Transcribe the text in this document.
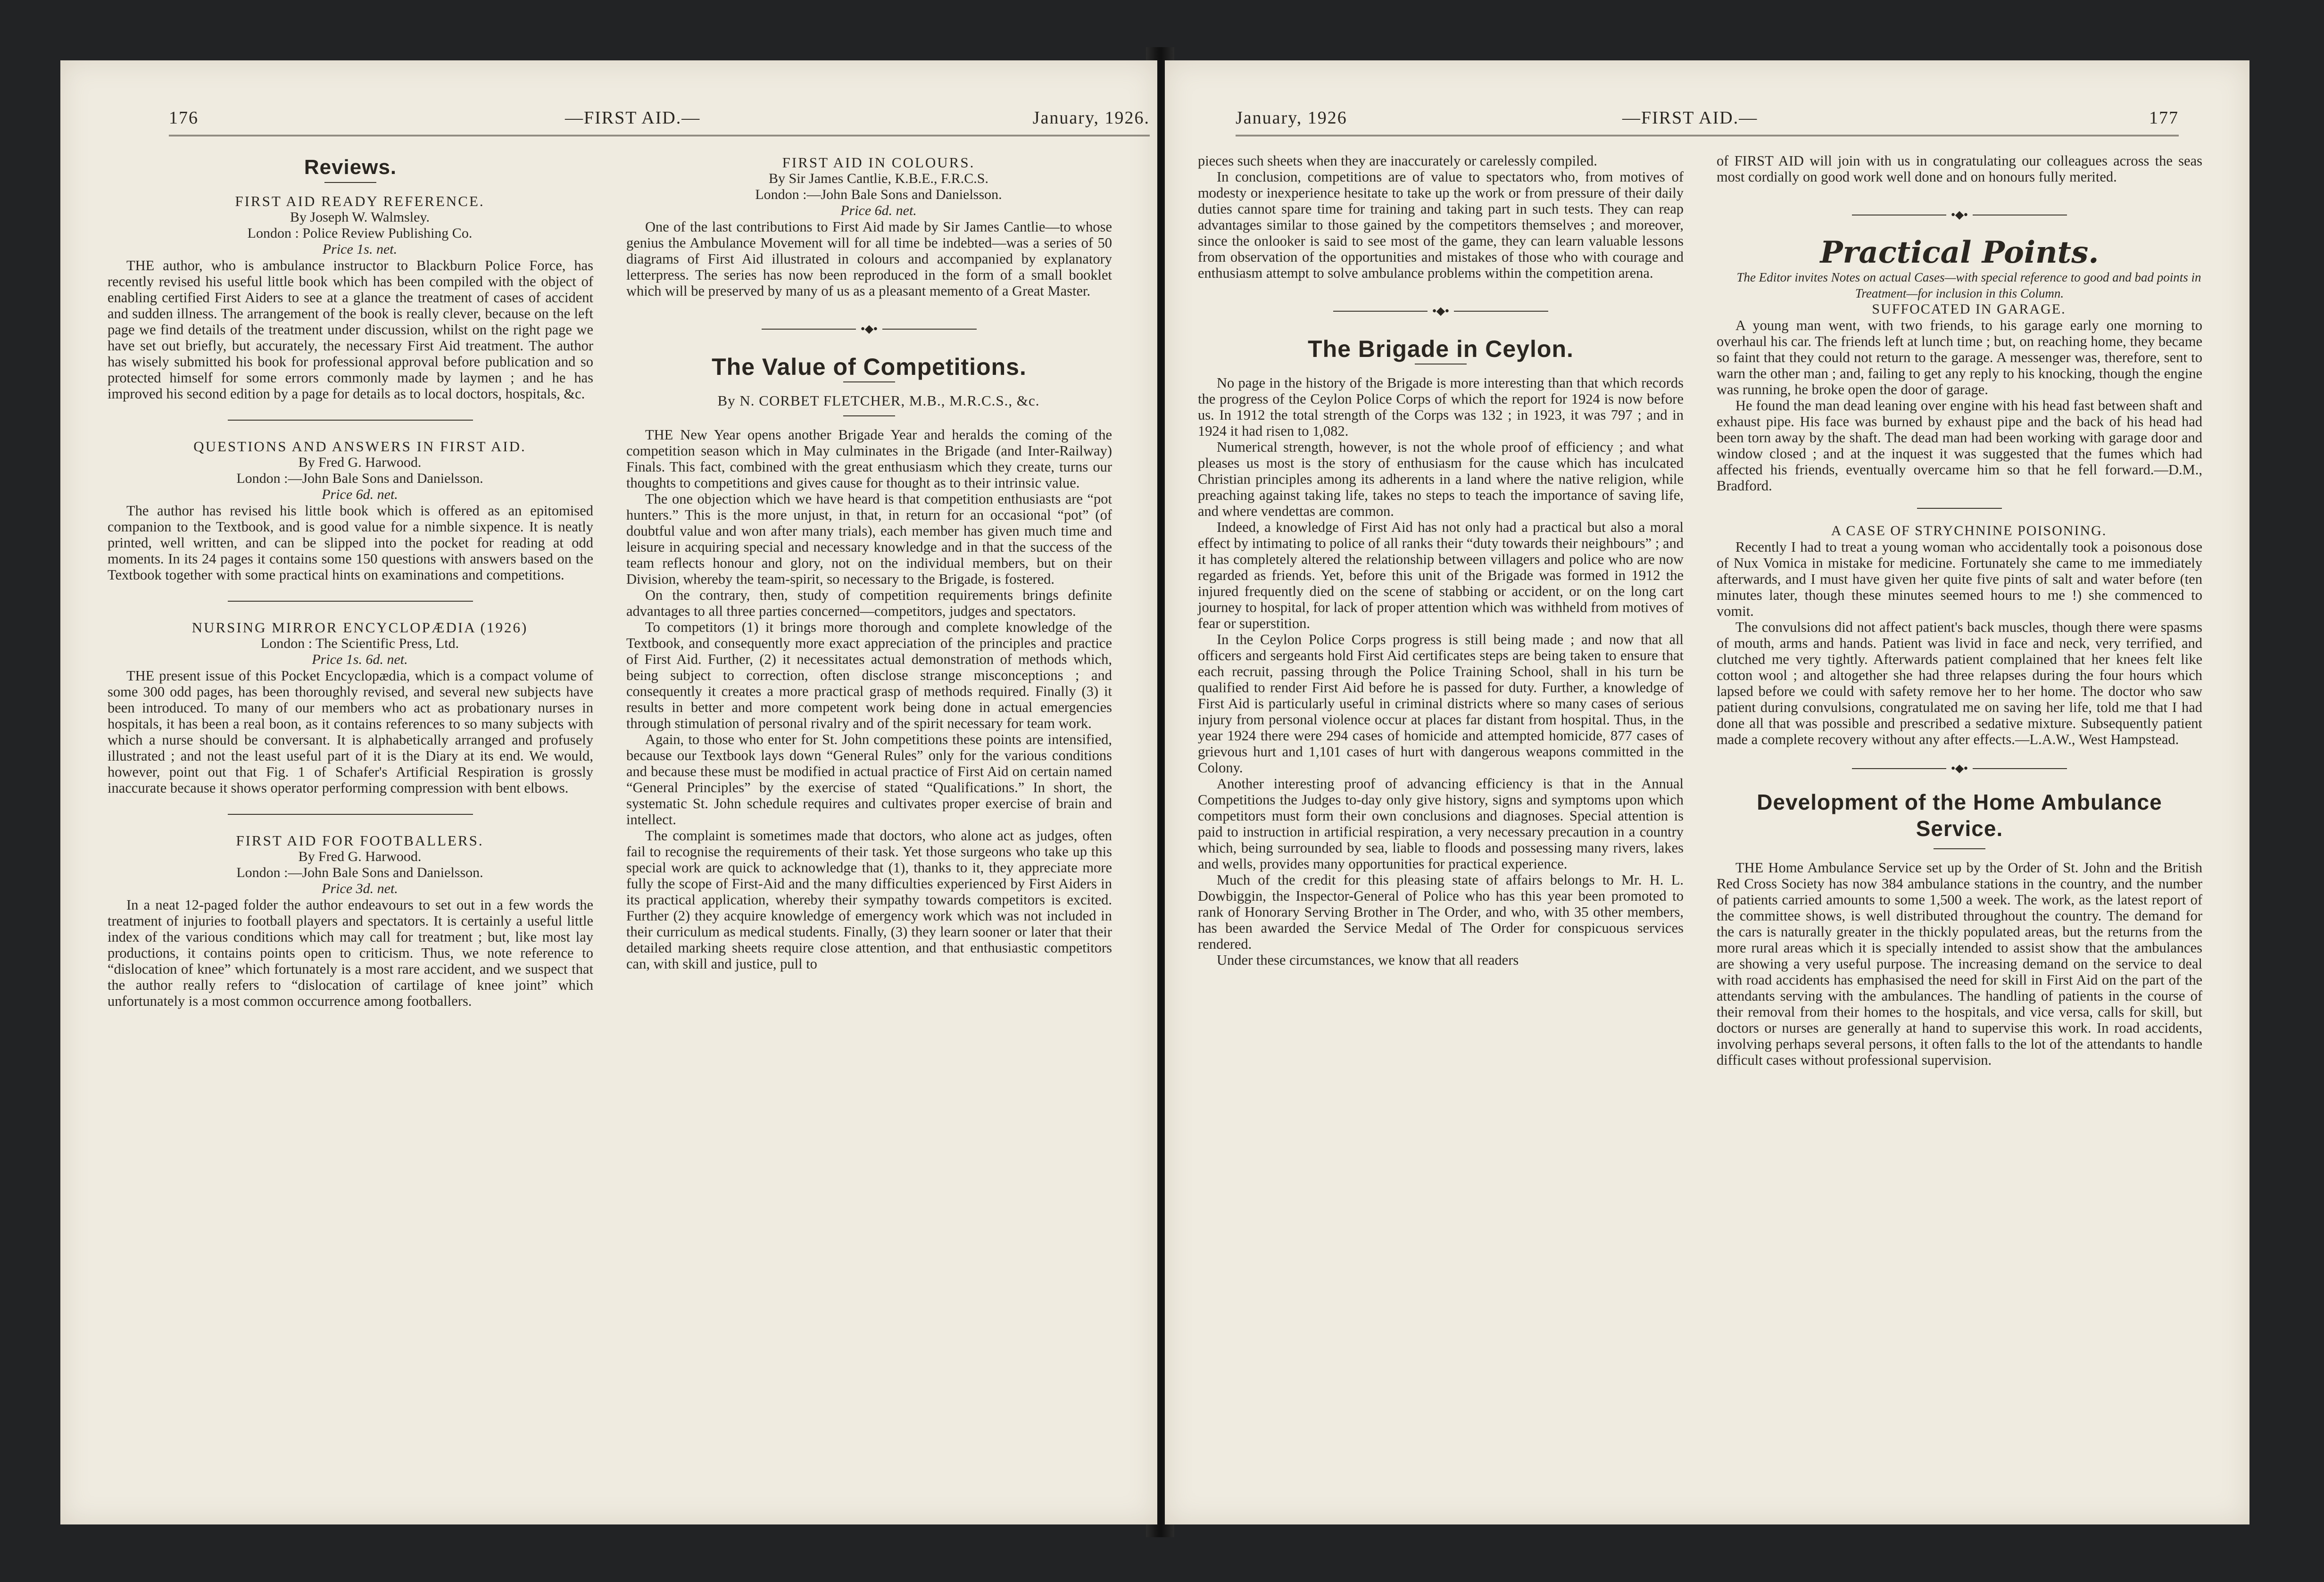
176	—FIRST AID.—	January, 1926.
Reviews.

FIRST AID READY REFERENCE.

By Joseph W. Walmsley.

London : Police Review Publishing Co.

Price 1s. net.

THE author, who is ambulance instructor to Blackburn Police Force, has recently revised his useful little book which has been compiled with the object of enabling certified First Aiders to see at a glance the treatment of cases of accident and sudden illness. The arrangement of the book is really clever, because on the left page we find details of the treatment under discussion, whilst on the right page we have set out briefly, but accurately, the necessary First Aid treatment. The author has wisely submitted his book for professional approval before publication and so protected himself for some errors commonly made by laymen ; and he has improved his second edition by a page for details as to local doctors, hospitals, &c.

QUESTIONS AND ANSWERS IN FIRST AID.

By Fred G. Harwood.

London :—John Bale Sons and Danielsson.

Price 6d. net.

The author has revised his little book which is offered as an epitomised companion to the Textbook, and is good value for a nimble sixpence. It is neatly printed, well written, and can be slipped into the pocket for reading at odd moments. In its 24 pages it contains some 150 questions with answers based on the Textbook together with some practical hints on examinations and competitions.

NURSING MIRROR ENCYCLOPÆDIA (1926)

London : The Scientific Press, Ltd.

Price 1s. 6d. net.

THE present issue of this Pocket Encyclopædia, which is a compact volume of some 300 odd pages, has been thoroughly revised, and several new subjects have been introduced. To many of our members who act as probationary nurses in hospitals, it has been a real boon, as it contains references to so many subjects with which a nurse should be conversant. It is alphabetically arranged and profusely illustrated ; and not the least useful part of it is the Diary at its end. We would, however, point out that Fig. 1 of Schafer's Artificial Respiration is grossly inaccurate because it shows operator performing compression with bent elbows.

FIRST AID FOR FOOTBALLERS.

By Fred G. Harwood.

London :—John Bale Sons and Danielsson.

Price 3d. net.

In a neat 12-paged folder the author endeavours to set out in a few words the treatment of injuries to football players and spectators. It is certainly a useful little index of the various conditions which may call for treatment ; but, like most lay productions, it contains points open to criticism. Thus, we note reference to “dislocation of knee” which fortunately is a most rare accident, and we suspect that the author really refers to “dislocation of cartilage of knee joint” which unfortunately is a most common occurrence among footballers.

FIRST AID IN COLOURS.

By Sir James Cantlie, K.B.E., F.R.C.S.

London :—John Bale Sons and Danielsson.

Price 6d. net.

One of the last contributions to First Aid made by Sir James Cantlie—to whose genius the Ambulance Movement will for all time be indebted—was a series of 50 diagrams of First Aid illustrated in colours and accompanied by explanatory letterpress. The series has now been reproduced in the form of a small booklet which will be preserved by many of us as a pleasant memento of a Great Master.

•◆•
The Value of Competitions.

By N. CORBET FLETCHER, M.B., M.R.C.S., &c.

THE New Year opens another Brigade Year and heralds the coming of the competition season which in May culminates in the Brigade (and Inter-Railway) Finals. This fact, combined with the great enthusiasm which they create, turns our thoughts to competitions and gives cause for thought as to their intrinsic value.

The one objection which we have heard is that competition enthusiasts are “pot hunters.” This is the more unjust, in that, in return for an occasional “pot” (of doubtful value and won after many trials), each member has given much time and leisure in acquiring special and necessary knowledge and in that the success of the team reflects honour and glory, not on the individual members, but on their Division, whereby the team-spirit, so necessary to the Brigade, is fostered.

On the contrary, then, study of competition requirements brings definite advantages to all three parties concerned—competitors, judges and spectators.

To competitors (1) it brings more thorough and complete knowledge of the Textbook, and consequently more exact appreciation of the principles and practice of First Aid. Further, (2) it necessitates actual demonstration of methods which, being subject to correction, often disclose strange misconceptions ; and consequently it creates a more practical grasp of methods required. Finally (3) it results in better and more competent work being done in actual emergencies through stimulation of personal rivalry and of the spirit necessary for team work.

Again, to those who enter for St. John competitions these points are intensified, because our Textbook lays down “General Rules” only for the various conditions and because these must be modified in actual practice of First Aid on certain named “General Principles” by the exercise of stated “Qualifications.” In short, the systematic St. John schedule requires and cultivates proper exercise of brain and intellect.

The complaint is sometimes made that doctors, who alone act as judges, often fail to recognise the requirements of their task. Yet those surgeons who take up this special work are quick to acknowledge that (1), thanks to it, they appreciate more fully the scope of First-Aid and the many difficulties experienced by First Aiders in its practical application, whereby their sympathy towards competitors is excited. Further (2) they acquire knowledge of emergency work which was not included in their curriculum as medical students. Finally, (3) they learn sooner or later that their detailed marking sheets require close attention, and that enthusiastic competitors can, with skill and justice, pull to

January, 1926	—FIRST AID.—	177

pieces such sheets when they are inaccurately or carelessly compiled.

In conclusion, competitions are of value to spectators who, from motives of modesty or inexperience hesitate to take up the work or from pressure of their daily duties cannot spare time for training and taking part in such tests. They can reap advantages similar to those gained by the competitors themselves ; and moreover, since the onlooker is said to see most of the game, they can learn valuable lessons from observation of the opportunities and mistakes of those who with courage and enthusiasm attempt to solve ambulance problems within the competition arena.

•◆•
The Brigade in Ceylon.

No page in the history of the Brigade is more interesting than that which records the progress of the Ceylon Police Corps of which the report for 1924 is now before us. In 1912 the total strength of the Corps was 132 ; in 1923, it was 797 ; and in 1924 it had risen to 1,082.

Numerical strength, however, is not the whole proof of efficiency ; and what pleases us most is the story of enthusiasm for the cause which has inculcated Christian principles among its adherents in a land where the native religion, while preaching against taking life, takes no steps to teach the importance of saving life, and where vendettas are common.

Indeed, a knowledge of First Aid has not only had a practical but also a moral effect by intimating to police of all ranks their “duty towards their neighbours” ; and it has completely altered the relationship between villagers and police who are now regarded as friends. Yet, before this unit of the Brigade was formed in 1912 the injured frequently died on the scene of stabbing or accident, or on the long cart journey to hospital, for lack of proper attention which was withheld from motives of fear or superstition.

In the Ceylon Police Corps progress is still being made ; and now that all officers and sergeants hold First Aid certificates steps are being taken to ensure that each recruit, passing through the Police Training School, shall in his turn be qualified to render First Aid before he is passed for duty. Further, a knowledge of First Aid is particularly useful in criminal districts where so many cases of serious injury from personal violence occur at places far distant from hospital. Thus, in the year 1924 there were 294 cases of homicide and attempted homicide, 877 cases of grievous hurt and 1,101 cases of hurt with dangerous weapons committed in the Colony.

Another interesting proof of advancing efficiency is that in the Annual Competitions the Judges to-day only give history, signs and symptoms upon which competitors must form their own conclusions and diagnoses. Special attention is paid to instruction in artificial respiration, a very necessary precaution in a country which, being surrounded by sea, liable to floods and possessing many rivers, lakes and wells, provides many opportunities for practical experience.

Much of the credit for this pleasing state of affairs belongs to Mr. H. L. Dowbiggin, the Inspector-General of Police who has this year been promoted to rank of Honorary Serving Brother in The Order, and who, with 35 other members, has been awarded the Service Medal of The Order for conspicuous services rendered.

Under these circumstances, we know that all readers

of FIRST AID will join with us in congratulating our colleagues across the seas most cordially on good work well done and on honours fully merited.

•◆•
Practical Points.

The Editor invites Notes on actual Cases—with special reference to good and bad points in Treatment—for inclusion in this Column.

SUFFOCATED IN GARAGE.

A young man went, with two friends, to his garage early one morning to overhaul his car. The friends left at lunch time ; but, on reaching home, they became so faint that they could not return to the garage. A messenger was, therefore, sent to warn the other man ; and, failing to get any reply to his knocking, though the engine was running, he broke open the door of garage.

He found the man dead leaning over engine with his head fast between shaft and exhaust pipe. His face was burned by exhaust pipe and the back of his head had been torn away by the shaft. The dead man had been working with garage door and window closed ; and at the inquest it was suggested that the fumes which had affected his friends, eventually overcame him so that he fell forward.—D.M., Bradford.

A CASE OF STRYCHNINE POISONING.

Recently I had to treat a young woman who accidentally took a poisonous dose of Nux Vomica in mistake for medicine. Fortunately she came to me immediately afterwards, and I must have given her quite five pints of salt and water before (ten minutes later, though these minutes seemed hours to me !) she commenced to vomit.

The convulsions did not affect patient's back muscles, though there were spasms of mouth, arms and hands. Patient was livid in face and neck, very terrified, and clutched me very tightly. Afterwards patient complained that her knees felt like cotton wool ; and altogether she had three relapses during the four hours which lapsed before we could with safety remove her to her home. The doctor who saw patient during convulsions, congratulated me on saving her life, told me that I had done all that was possible and prescribed a sedative mixture. Subsequently patient made a complete recovery without any after effects.—L.A.W., West Hampstead.

•◆•
Development of the Home Ambulance Service.

THE Home Ambulance Service set up by the Order of St. John and the British Red Cross Society has now 384 ambulance stations in the country, and the number of patients carried amounts to some 1,500 a week. The work, as the latest report of the committee shows, is well distributed throughout the country. The demand for the cars is naturally greater in the thickly populated areas, but the returns from the more rural areas which it is specially intended to assist show that the ambulances are showing a very useful purpose. The increasing demand on the service to deal with road accidents has emphasised the need for skill in First Aid on the part of the attendants serving with the ambulances. The handling of patients in the course of their removal from their homes to the hospitals, and vice versa, calls for skill, but doctors or nurses are generally at hand to supervise this work. In road accidents, involving perhaps several persons, it often falls to the lot of the attendants to handle difficult cases without professional supervision.
